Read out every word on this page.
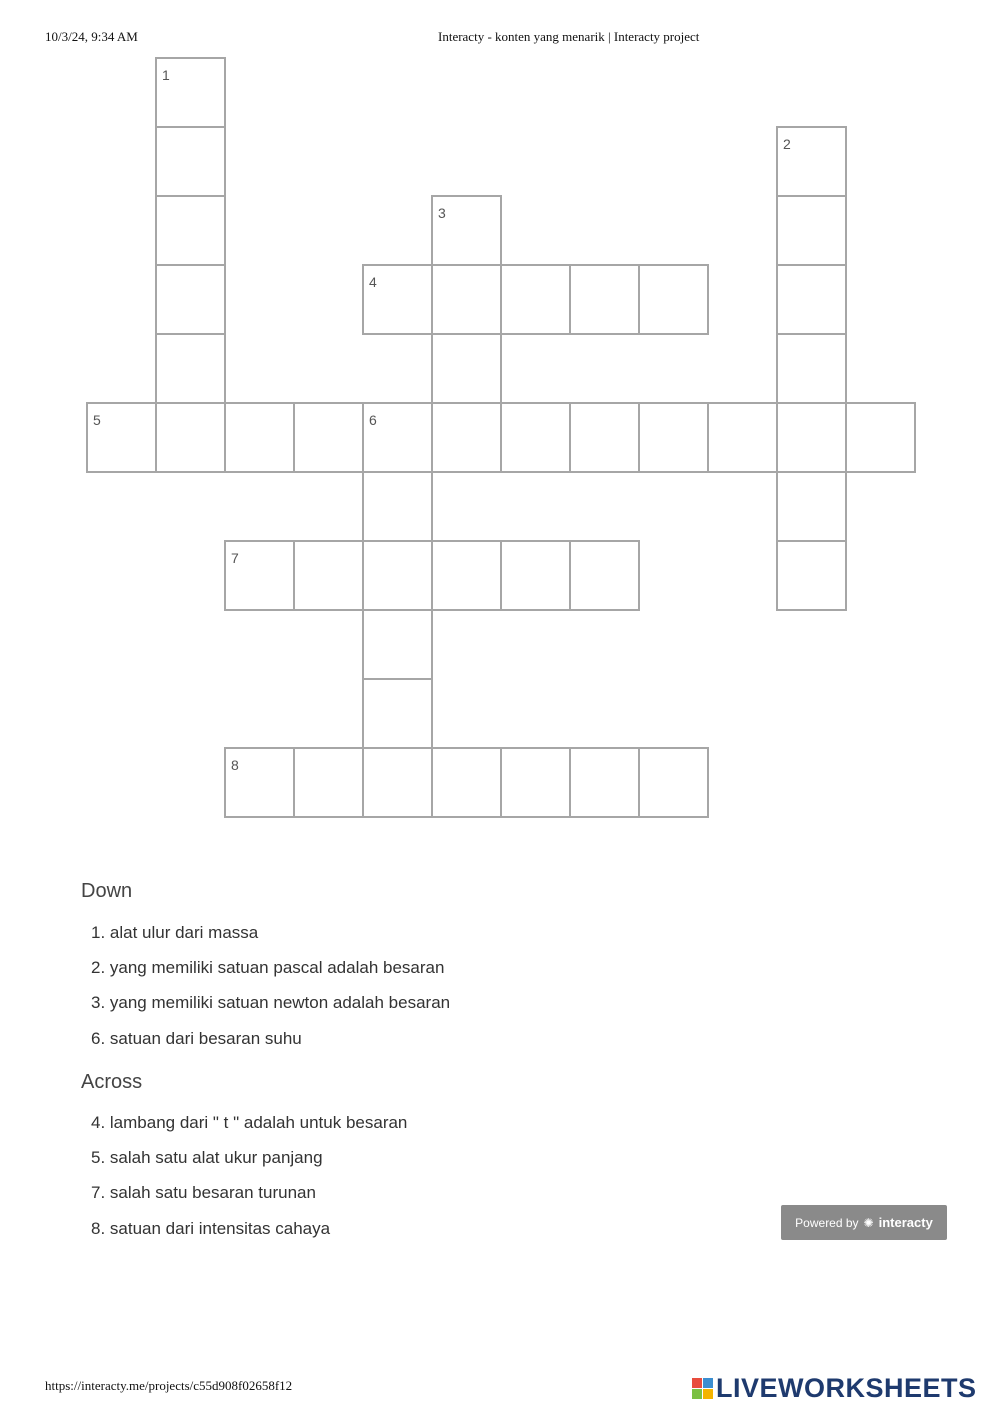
10/3/24, 9:34 AM	Interacty - konten yang menarik | Interacty project
1
2
3
4
5	6
7
8
Down
1. alat ulur dari massa
2. yang memiliki satuan pascal adalah besaran
3. yang memiliki satuan newton adalah besaran
6. satuan dari besaran suhu
Across
4. lambang dari " t " adalah untuk besaran
5. salah satu alat ukur panjang
7. salah satu besaran turunan
8. satuan dari intensitas cahaya	Powered by ✺ interacty
https://interacty.me/projects/c55d908f02658f12	LIVEWORKSHEETS
